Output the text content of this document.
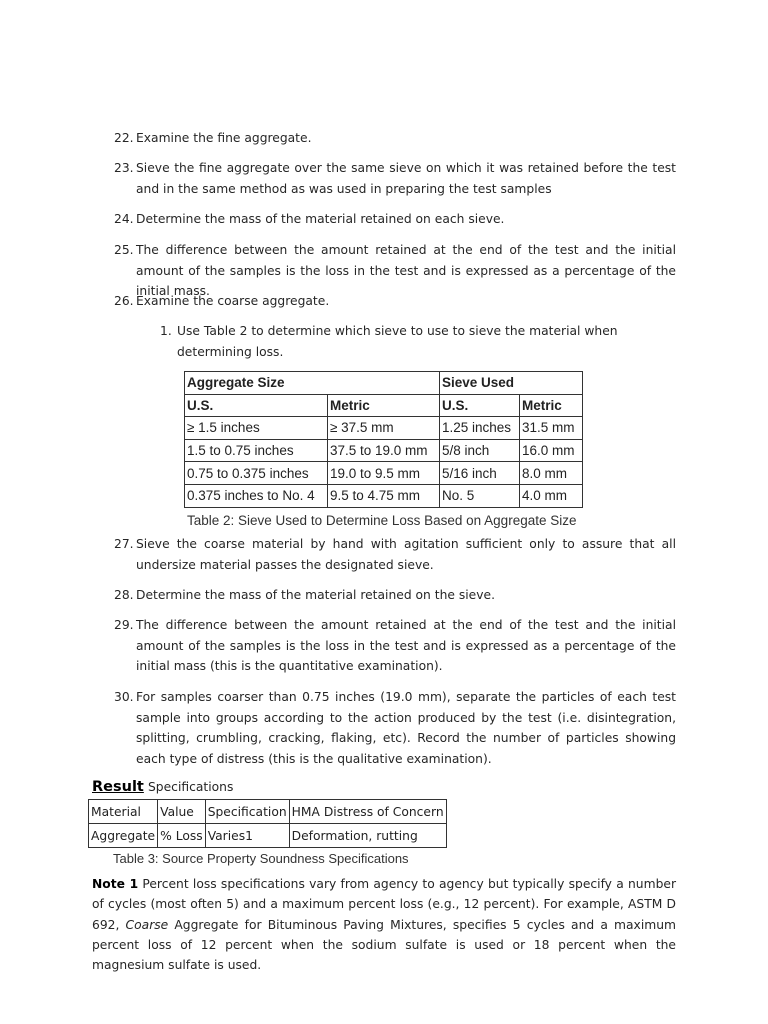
22. Examine the fine aggregate.
23. Sieve the fine aggregate over the same sieve on which it was retained before the test and in the same method as was used in preparing the test samples
24. Determine the mass of the material retained on each sieve.
25. The difference between the amount retained at the end of the test and the initial amount of the samples is the loss in the test and is expressed as a percentage of the initial mass.
26. Examine the coarse aggregate.
1. Use Table 2 to determine which sieve to use to sieve the material when determining loss.
Aggregate Size		Sieve Used	
U.S.	Metric	U.S.	Metric
≥ 1.5 inches	≥ 37.5 mm	1.25 inches	31.5 mm
1.5 to 0.75 inches	37.5 to 19.0 mm	5/8 inch	16.0 mm
0.75 to 0.375 inches	19.0 to 9.5 mm	5/16 inch	8.0 mm
0.375 inches to No. 4	9.5 to 4.75 mm	No. 5	4.0 mm
Table 2: Sieve Used to Determine Loss Based on Aggregate Size
27. Sieve the coarse material by hand with agitation sufficient only to assure that all undersize material passes the designated sieve.
28. Determine the mass of the material retained on the sieve.
29. The difference between the amount retained at the end of the test and the initial amount of the samples is the loss in the test and is expressed as a percentage of the initial mass (this is the quantitative examination).
30. For samples coarser than 0.75 inches (19.0 mm), separate the particles of each test sample into groups according to the action produced by the test (i.e. disintegration, splitting, crumbling, cracking, flaking, etc). Record the number of particles showing each type of distress (this is the qualitative examination).
Result Specifications
Material	Value	Specification	HMA Distress of Concern
Aggregate	% Loss	Varies1	Deformation, rutting
Table 3: Source Property Soundness Specifications
Note 1 Percent loss specifications vary from agency to agency but typically specify a number of cycles (most often 5) and a maximum percent loss (e.g., 12 percent). For example, ASTM D 692, Coarse Aggregate for Bituminous Paving Mixtures, specifies 5 cycles and a maximum percent loss of 12 percent when the sodium sulfate is used or 18 percent when the magnesium sulfate is used.
